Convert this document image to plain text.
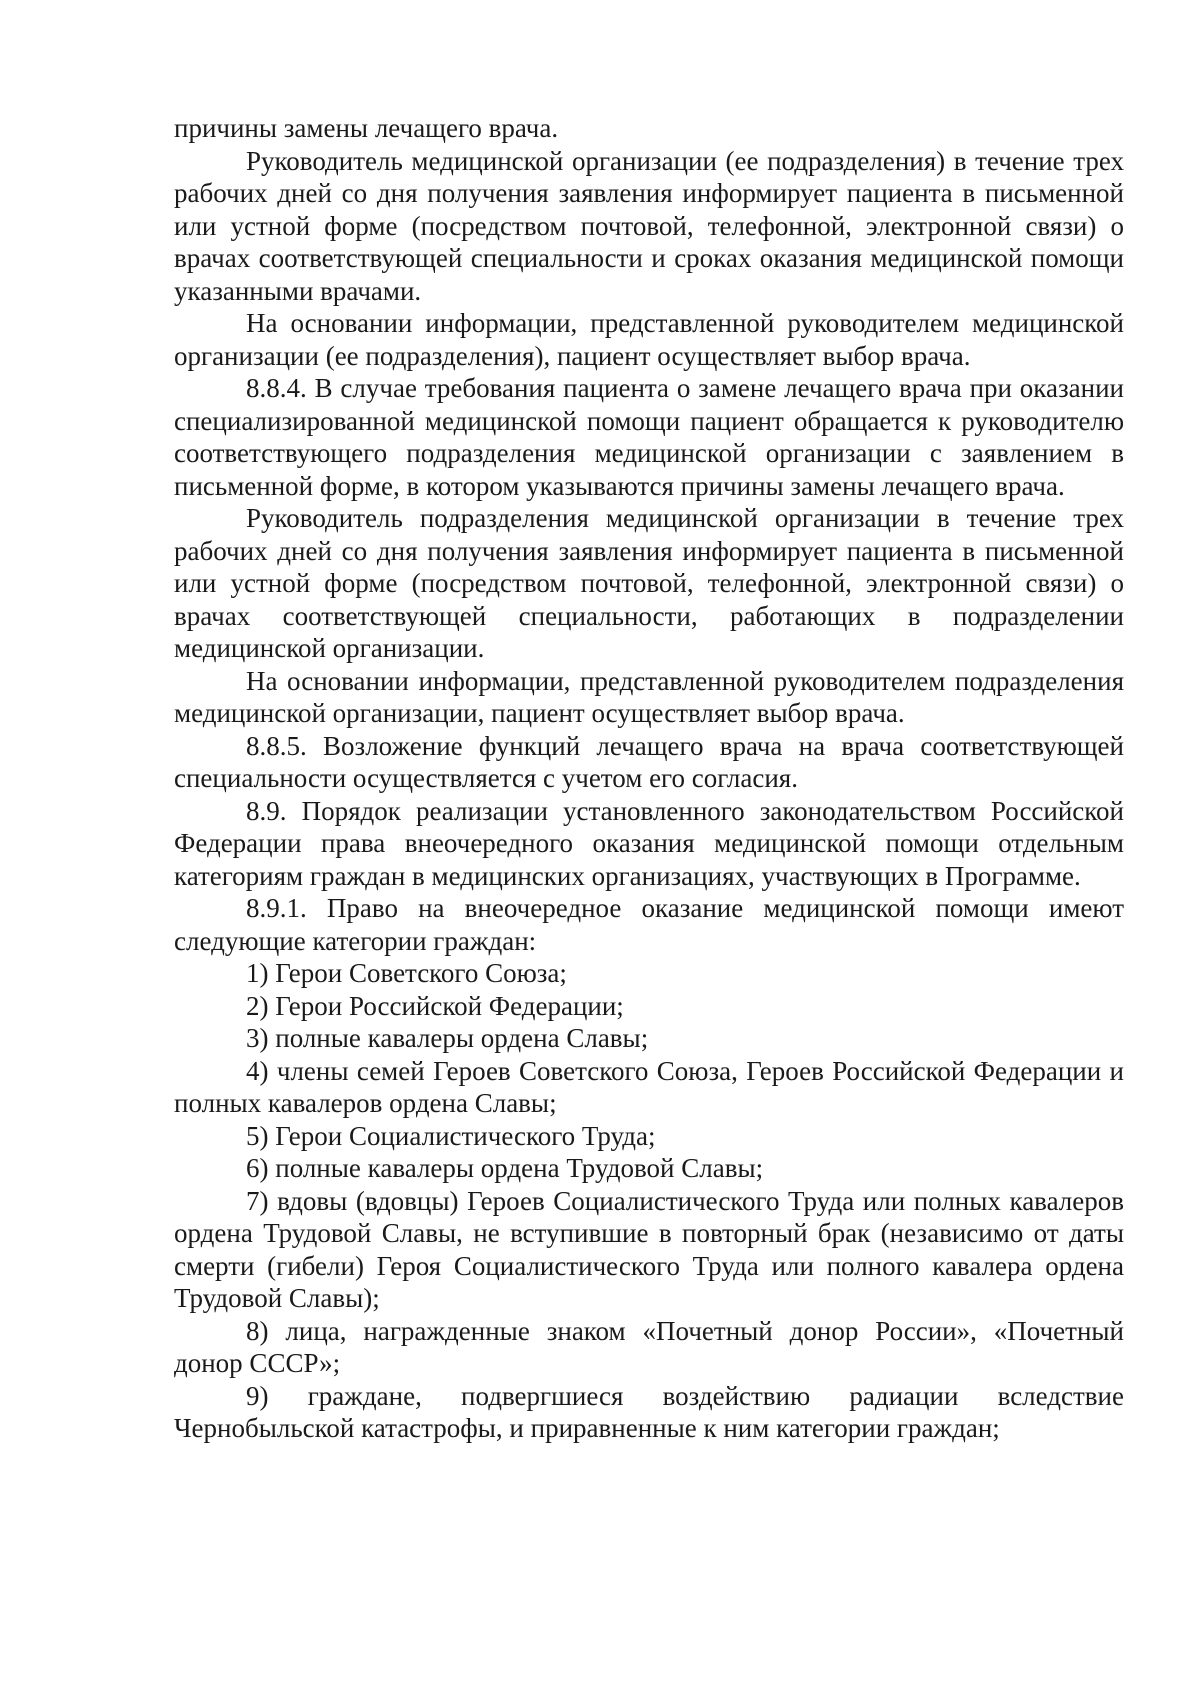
причины замены лечащего врача.

Руководитель медицинской организации (ее подразделения) в течение трех рабочих дней со дня получения заявления информирует пациента в письменной или устной форме (посредством почтовой, телефонной, электронной связи) о врачах соответствующей специальности и сроках оказания медицинской помощи указанными врачами.

На основании информации, представленной руководителем медицинской организации (ее подразделения), пациент осуществляет выбор врача.

8.8.4. В случае требования пациента о замене лечащего врача при оказании специализированной медицинской помощи пациент обращается к руководителю соответствующего подразделения медицинской организации с заявлением в письменной форме, в котором указываются причины замены лечащего врача.

Руководитель подразделения медицинской организации в течение трех рабочих дней со дня получения заявления информирует пациента в письменной или устной форме (посредством почтовой, телефонной, электронной связи) о врачах соответствующей специальности, работающих в подразделении медицинской организации.

На основании информации, представленной руководителем подразделения медицинской организации, пациент осуществляет выбор врача.

8.8.5. Возложение функций лечащего врача на врача соответствующей специальности осуществляется с учетом его согласия.

8.9. Порядок реализации установленного законодательством Российской Федерации права внеочередного оказания медицинской помощи отдельным категориям граждан в медицинских организациях, участвующих в Программе.

8.9.1. Право на внеочередное оказание медицинской помощи имеют следующие категории граждан:

1) Герои Советского Союза;

2) Герои Российской Федерации;

3) полные кавалеры ордена Славы;

4) члены семей Героев Советского Союза, Героев Российской Федерации и полных кавалеров ордена Славы;

5) Герои Социалистического Труда;

6) полные кавалеры ордена Трудовой Славы;

7) вдовы (вдовцы) Героев Социалистического Труда или полных кавалеров ордена Трудовой Славы, не вступившие в повторный брак (независимо от даты смерти (гибели) Героя Социалистического Труда или полного кавалера ордена Трудовой Славы);

8) лица, награжденные знаком «Почетный донор России», «Почетный донор СССР»;

9) граждане, подвергшиеся воздействию радиации вследствие Чернобыльской катастрофы, и приравненные к ним категории граждан;
